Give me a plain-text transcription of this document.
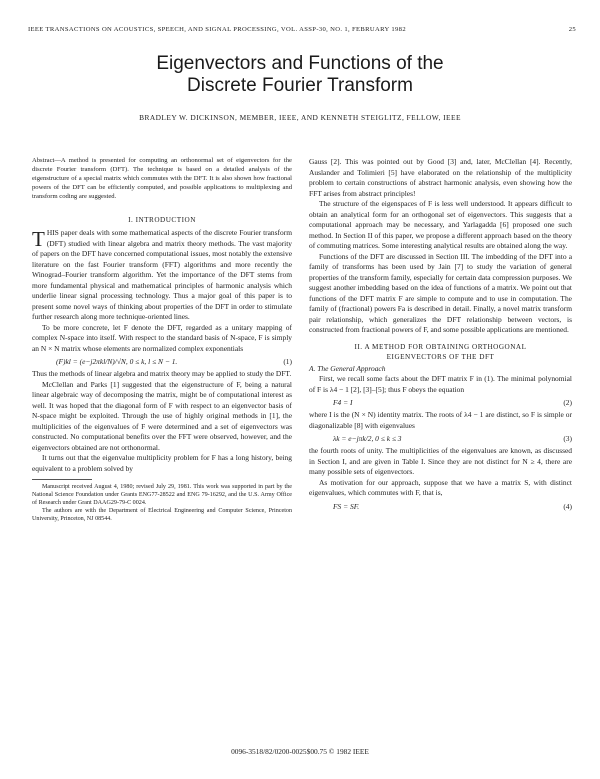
IEEE TRANSACTIONS ON ACOUSTICS, SPEECH, AND SIGNAL PROCESSING, VOL. ASSP-30, NO. 1, FEBRUARY 1982	25
Eigenvectors and Functions of the
Discrete Fourier Transform
BRADLEY W. DICKINSON, MEMBER, IEEE, AND KENNETH STEIGLITZ, FELLOW, IEEE

Abstract—A method is presented for computing an orthonormal set of eigenvectors for the discrete Fourier transform (DFT). The technique is based on a detailed analysis of the eigenstructure of a special matrix which commutes with the DFT. It is also shown how fractional powers of the DFT can be efficiently computed, and possible applications to multiplexing and transform coding are suggested.

I. INTRODUCTION

THIS paper deals with some mathematical aspects of the discrete Fourier transform (DFT) studied with linear algebra and matrix theory methods. The vast majority of papers on the DFT have concerned computational issues, most notably the extensive literature on the fast Fourier transform (FFT) algorithms and more recently the Winograd–Fourier transform algorithm. Yet the importance of the DFT stems from more fundamental physical and mathematical principles of harmonic analysis which underlie linear signal processing technology. Thus a major goal of this paper is to present some novel ways of thinking about properties of the DFT in order to stimulate further research along more technique-oriented lines.

To be more concrete, let F denote the DFT, regarded as a unitary mapping of complex N-space into itself. With respect to the standard basis of N-space, F is simply an N × N matrix whose elements are normalized complex exponentials

(F)kl = (e−j2πkl/N)/√N, 0 ≤ k, l ≤ N − 1.	(1)

Thus the methods of linear algebra and matrix theory may be applied to study the DFT.

McClellan and Parks [1] suggested that the eigenstructure of F, being a natural linear algebraic way of decomposing the matrix, might be of computational interest as well. It was hoped that the diagonal form of F with respect to an eigenvector basis of N-space might be exploited. Through the use of highly original methods in [1], the multiplicities of the eigenvalues of F were determined and a set of eigenvectors was constructed. No computational benefits over the FFT were observed, however, and the eigenvectors obtained are not orthonormal.

It turns out that the eigenvalue multiplicity problem for F has a long history, being equivalent to a problem solved by

Manuscript received August 4, 1980; revised July 29, 1981. This work was supported in part by the National Science Foundation under Grants ENG77-28522 and ENG 79-16292, and the U.S. Army Office of Research under Grant DAAG29-79-C 0024.

The authors are with the Department of Electrical Engineering and Computer Science, Princeton University, Princeton, NJ 08544.

Gauss [2]. This was pointed out by Good [3] and, later, McClellan [4]. Recently, Auslander and Tolimieri [5] have elaborated on the relationship of the multiplicity problem to certain constructions of abstract harmonic analysis, even showing how the FFT arises from abstract principles!

The structure of the eigenspaces of F is less well understood. It appears difficult to obtain an analytical form for an orthogonal set of eigenvectors. This suggests that a computational approach may be necessary, and Yarlagadda [6] proposed one such method. In Section II of this paper, we propose a different approach based on the theory of commuting matrices. Some interesting analytical results are obtained along the way.

Functions of the DFT are discussed in Section III. The imbedding of the DFT into a family of transforms has been used by Jain [7] to study the variation of general properties of the transform family, especially for certain data compression purposes. We suggest another imbedding based on the idea of functions of a matrix. We point out that functions of the DFT matrix F are simple to compute and to use in computation. The family of (fractional) powers Fa is described in detail. Finally, a novel matrix transform pair relationship, which generalizes the DFT relationship between vectors, is constructed from fractional powers of F, and some possible applications are mentioned.

II. A METHOD FOR OBTAINING ORTHOGONAL
EIGENVECTORS OF THE DFT
A. The General Approach

First, we recall some facts about the DFT matrix F in (1). The minimal polynomial of F is λ4 − 1 [2], [3]–[5]; thus F obeys the equation

F4 = I	(2)

where I is the (N × N) identity matrix. The roots of λ4 − 1 are distinct, so F is simple or diagonalizable [8] with eigenvalues

λk = e−jπk/2, 0 ≤ k ≤ 3	(3)

the fourth roots of unity. The multiplicities of the eigenvalues are known, as discussed in Section I, and are given in Table I. Since they are not distinct for N ≥ 4, there are many possible sets of eigenvectors.

As motivation for our approach, suppose that we have a matrix S, with distinct eigenvalues, which commutes with F, that is,

FS = SF.	(4)
0096-3518/82/0200-0025$00.75 © 1982 IEEE
